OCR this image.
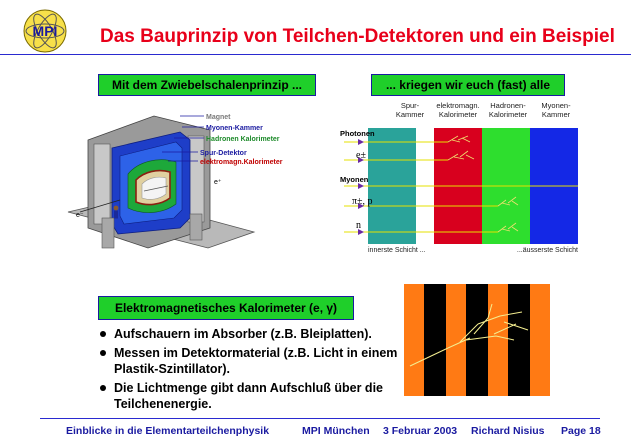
MPI Das Bauprinzip von Teilchen-Detektoren und ein Beispiel
Mit dem Zwiebelschalenprinzip ...	... kriegen wir euch (fast) alle
e⁻
e⁺
Magnet
Myonen-Kammer
Hadronen Kalorimeter
Spur-Detektor
elektromagn.Kalorimeter
Spur-
Kammer
elektromagn.
Kalorimeter
Hadronen-
Kalorimeter
Myonen-
Kammer
Photonen
e±
Myonen
π±, p
n
innerste Schicht ...	...äusserste Schicht
Elektromagnetisches Kalorimeter (e, γ)
Aufschauern im Absorber (z.B. Bleiplatten).
Messen im Detektormaterial (z.B. Licht in einem Plastik-Szintillator).
Die Lichtmenge gibt dann Aufschluß über die Teilchenenergie.
Einblicke in die Elementarteilchenphysik	MPI München 3 Februar 2003 Richard Nisius Page 18
